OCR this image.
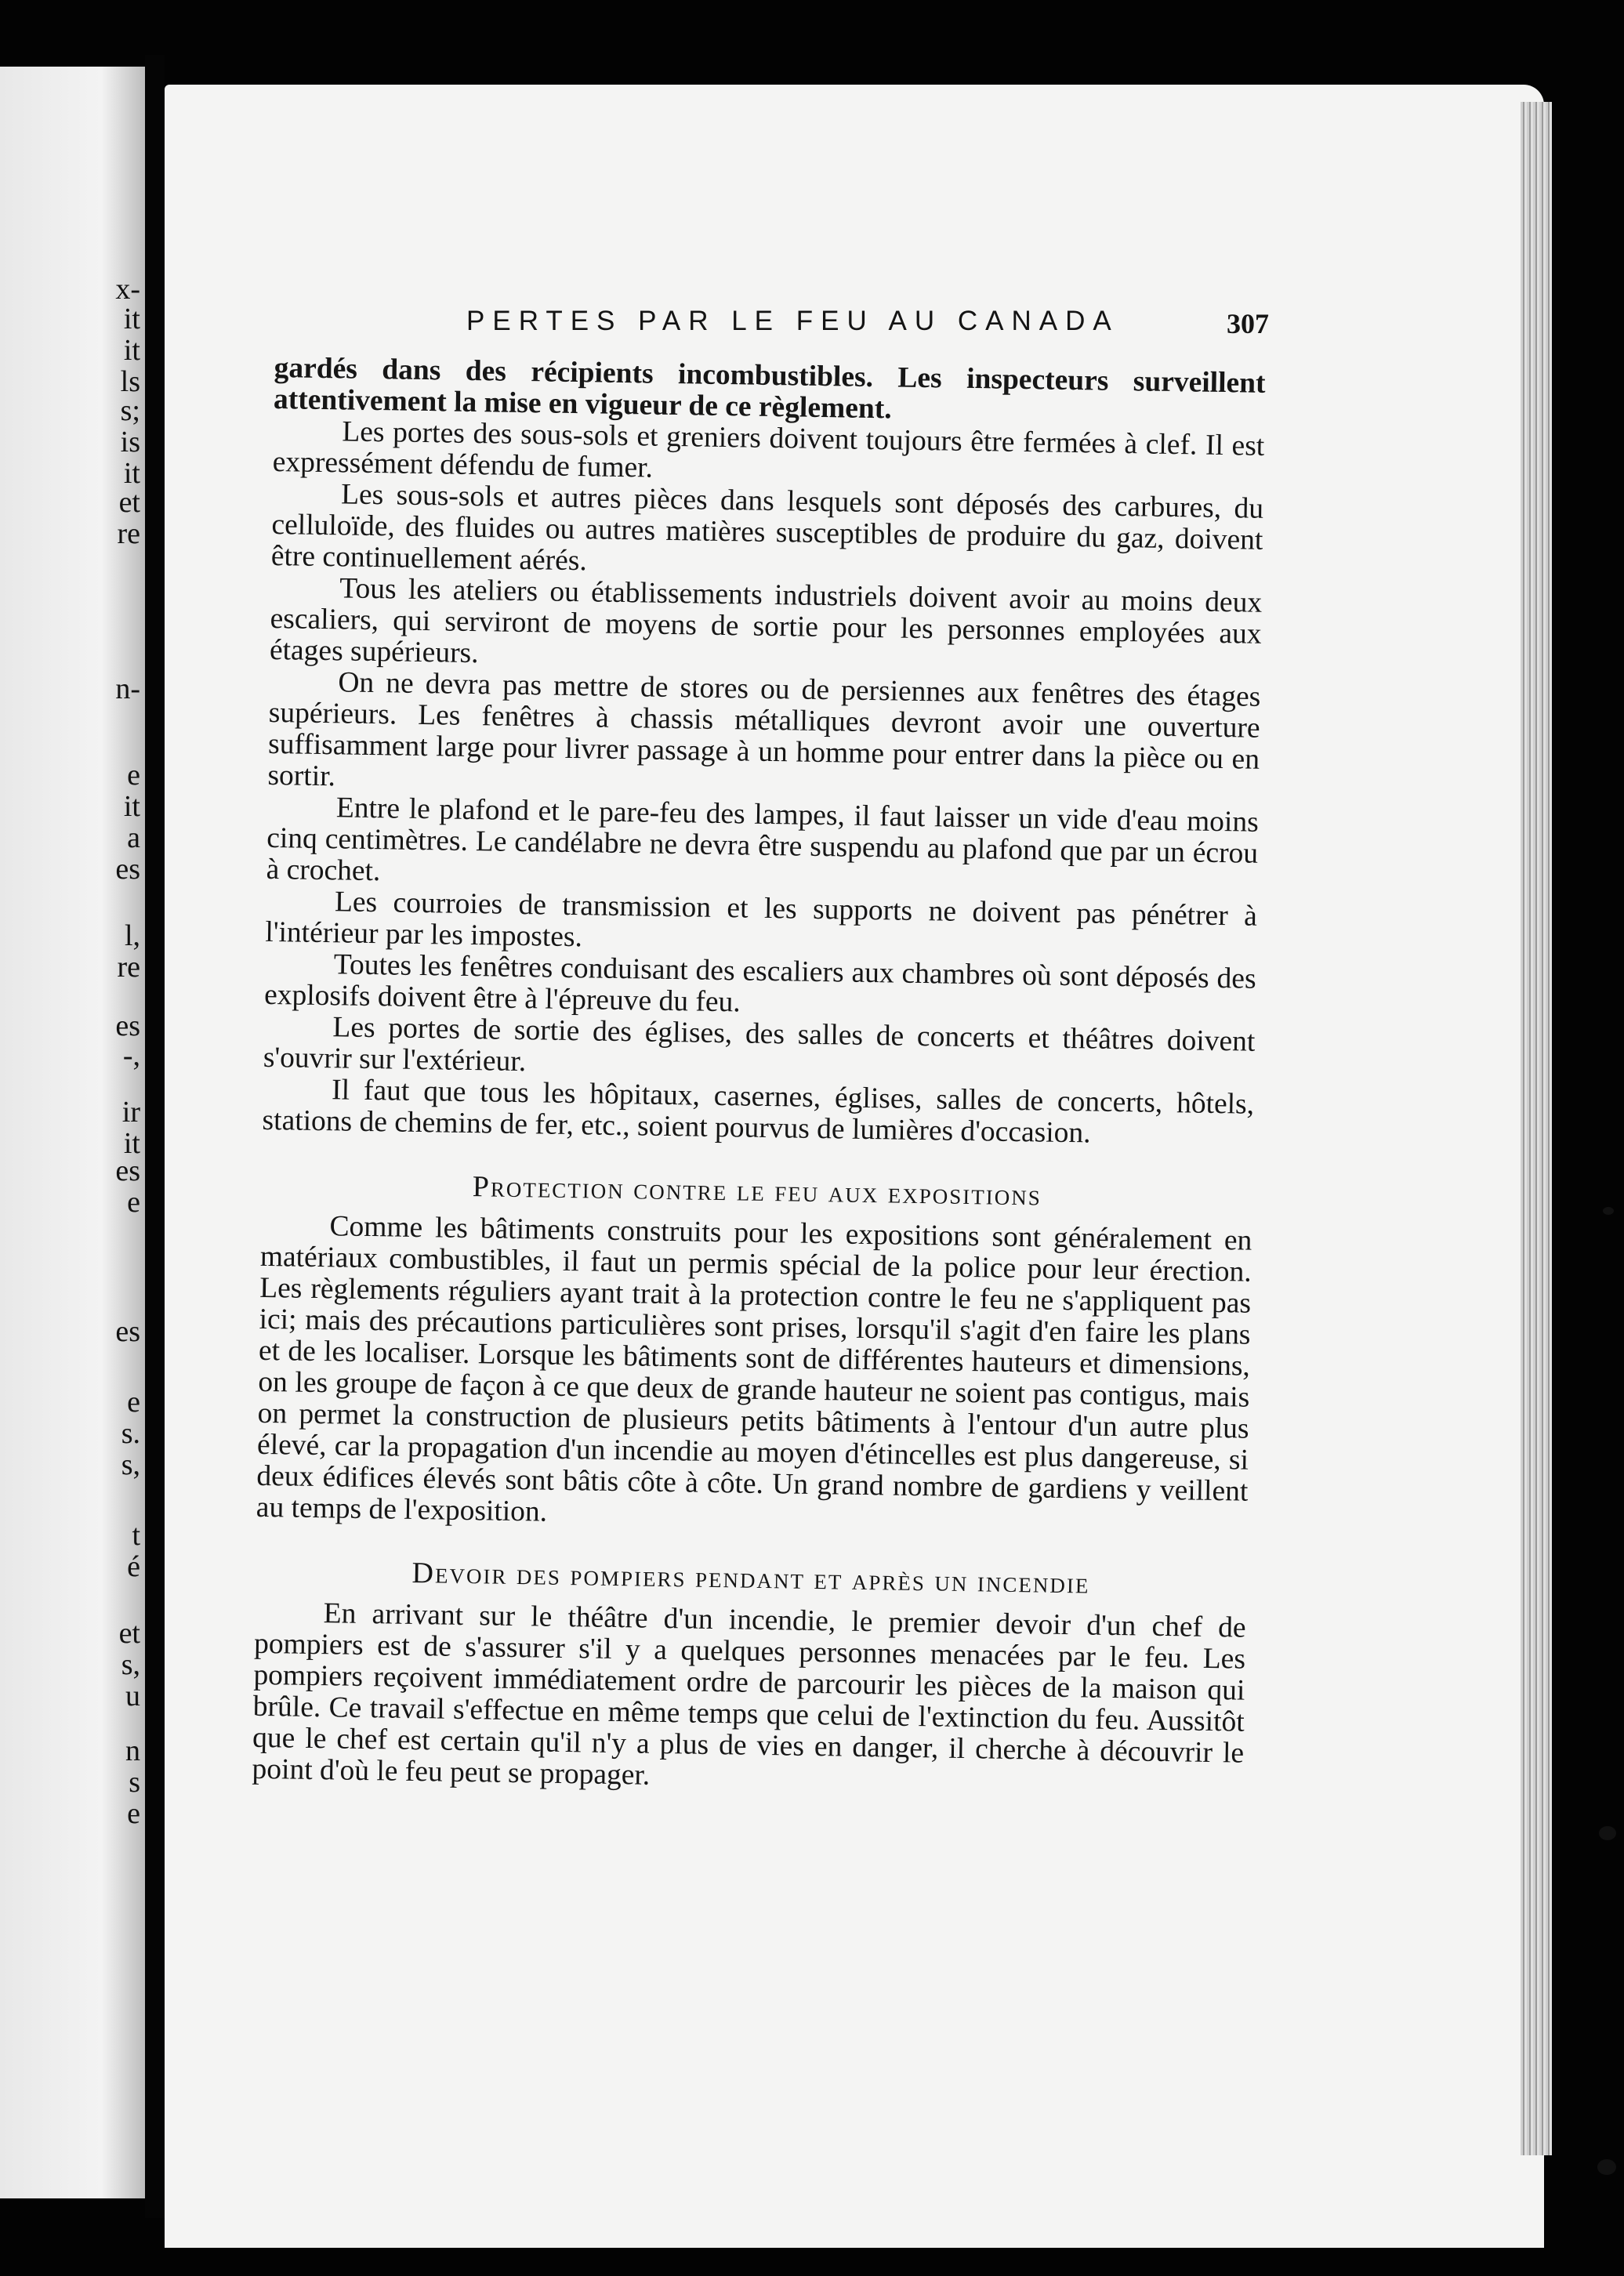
x-
it
it
ls
s;
is
it
et
re
n-
e
it
a
es
l,
re
es
-,
ir
it
es
e
es
e
s.
s,
t
é
et
s,
u
n
s
e
PERTES PAR LE FEU AU CANADA	307

gardés dans des récipients incombustibles. Les inspecteurs surveillent attentivement la mise en vigueur de ce règlement.

Les portes des sous-sols et greniers doivent toujours être fermées à clef. Il est expressément défendu de fumer.

Les sous-sols et autres pièces dans lesquels sont déposés des carbures, du celluloïde, des fluides ou autres matières susceptibles de produire du gaz, doivent être continuellement aérés.

Tous les ateliers ou établissements industriels doivent avoir au moins deux escaliers, qui serviront de moyens de sortie pour les personnes employées aux étages supérieurs.

On ne devra pas mettre de stores ou de persiennes aux fenêtres des étages supérieurs. Les fenêtres à chassis métalliques devront avoir une ouverture suffisamment large pour livrer passage à un homme pour entrer dans la pièce ou en sortir.

Entre le plafond et le pare-feu des lampes, il faut laisser un vide d'eau moins cinq centimètres. Le candélabre ne devra être suspendu au plafond que par un écrou à crochet.

Les courroies de transmission et les supports ne doivent pas pénétrer à l'intérieur par les impostes.

Toutes les fenêtres conduisant des escaliers aux chambres où sont déposés des explosifs doivent être à l'épreuve du feu.

Les portes de sortie des églises, des salles de concerts et théâtres doivent s'ouvrir sur l'extérieur.

Il faut que tous les hôpitaux, casernes, églises, salles de concerts, hôtels, stations de chemins de fer, etc., soient pourvus de lumières d'occasion.

Protection contre le feu aux expositions

Comme les bâtiments construits pour les expositions sont généralement en matériaux combustibles, il faut un permis spécial de la police pour leur érection. Les règlements réguliers ayant trait à la protection contre le feu ne s'appliquent pas ici; mais des précautions particulières sont prises, lorsqu'il s'agit d'en faire les plans et de les localiser. Lorsque les bâtiments sont de différentes hauteurs et dimensions, on les groupe de façon à ce que deux de grande hauteur ne soient pas contigus, mais on permet la construction de plusieurs petits bâtiments à l'entour d'un autre plus élevé, car la propagation d'un incendie au moyen d'étincelles est plus dangereuse, si deux édifices élevés sont bâtis côte à côte. Un grand nombre de gardiens y veillent au temps de l'exposition.

Devoir des pompiers pendant et après un incendie

En arrivant sur le théâtre d'un incendie, le premier devoir d'un chef de pompiers est de s'assurer s'il y a quelques personnes menacées par le feu. Les pompiers reçoivent immédiatement ordre de parcourir les pièces de la maison qui brûle. Ce travail s'effectue en même temps que celui de l'extinction du feu. Aussitôt que le chef est certain qu'il n'y a plus de vies en danger, il cherche à découvrir le point d'où le feu peut se propager.
